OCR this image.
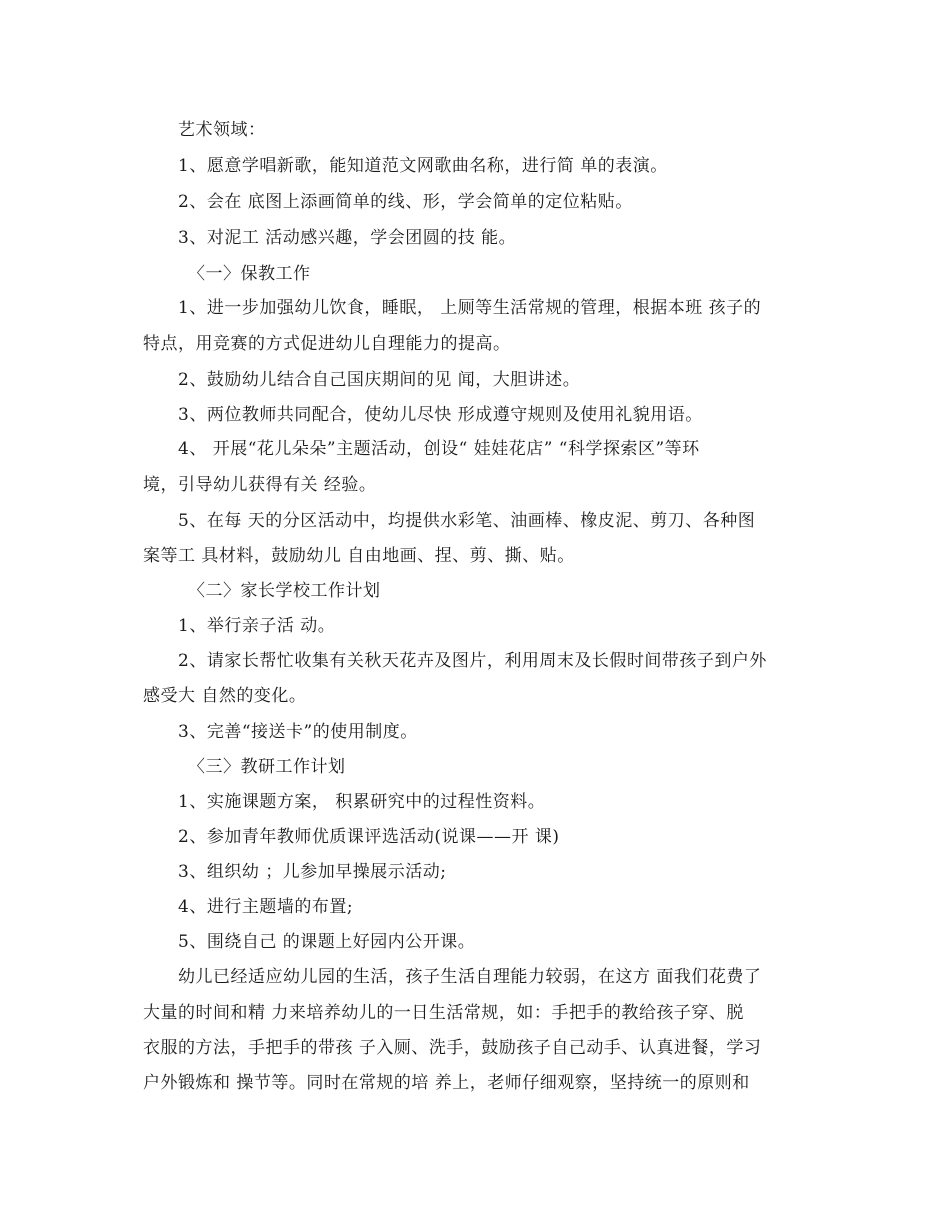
艺术领域：
1、愿意学唱新歌，能知道范文网歌曲名称，进行简 单的表演。
2、会在 底图上添画简单的线、形，学会简单的定位粘贴。
3、对泥工 活动感兴趣，学会团圆的技 能。
〈一〉保教工作
1、进一步加强幼儿饮食，睡眠， 上厕等生活常规的管理，根据本班 孩子的
特点，用竞赛的方式促进幼儿自理能力的提高。
2、鼓励幼儿结合自己国庆期间的见 闻，大胆讲述。
3、两位教师共同配合，使幼儿尽快 形成遵守规则及使用礼貌用语。
4、 开展“花儿朵朵”主题活动，创设“ 娃娃花店” “科学探索区”等环
境，引导幼儿获得有关 经验。
5、在每 天的分区活动中，均提供水彩笔、油画棒、橡皮泥、剪刀、各种图
案等工 具材料，鼓励幼儿 自由地画、捏、剪、撕、贴。
〈二〉家长学校工作计划
1、举行亲子活 动。
2、请家长帮忙收集有关秋天花卉及图片，利用周末及长假时间带孩子到户外
感受大 自然的变化。
3、完善“接送卡”的使用制度。
〈三〉教研工作计划
1、实施课题方案， 积累研究中的过程性资料。
2、参加青年教师优质课评选活动(说课——开 课)
3、组织幼 ；儿参加早操展示活动;
4、进行主题墙的布置;
5、围绕自己 的课题上好园内公开课。
幼儿已经适应幼儿园的生活，孩子生活自理能力较弱，在这方 面我们花费了
大量的时间和精 力来培养幼儿的一日生活常规，如：手把手的教给孩子穿、脱
衣服的方法，手把手的带孩 子入厕、洗手，鼓励孩子自己动手、认真进餐，学习
户外锻炼和 操节等。同时在常规的培 养上，老师仔细观察，坚持统一的原则和
